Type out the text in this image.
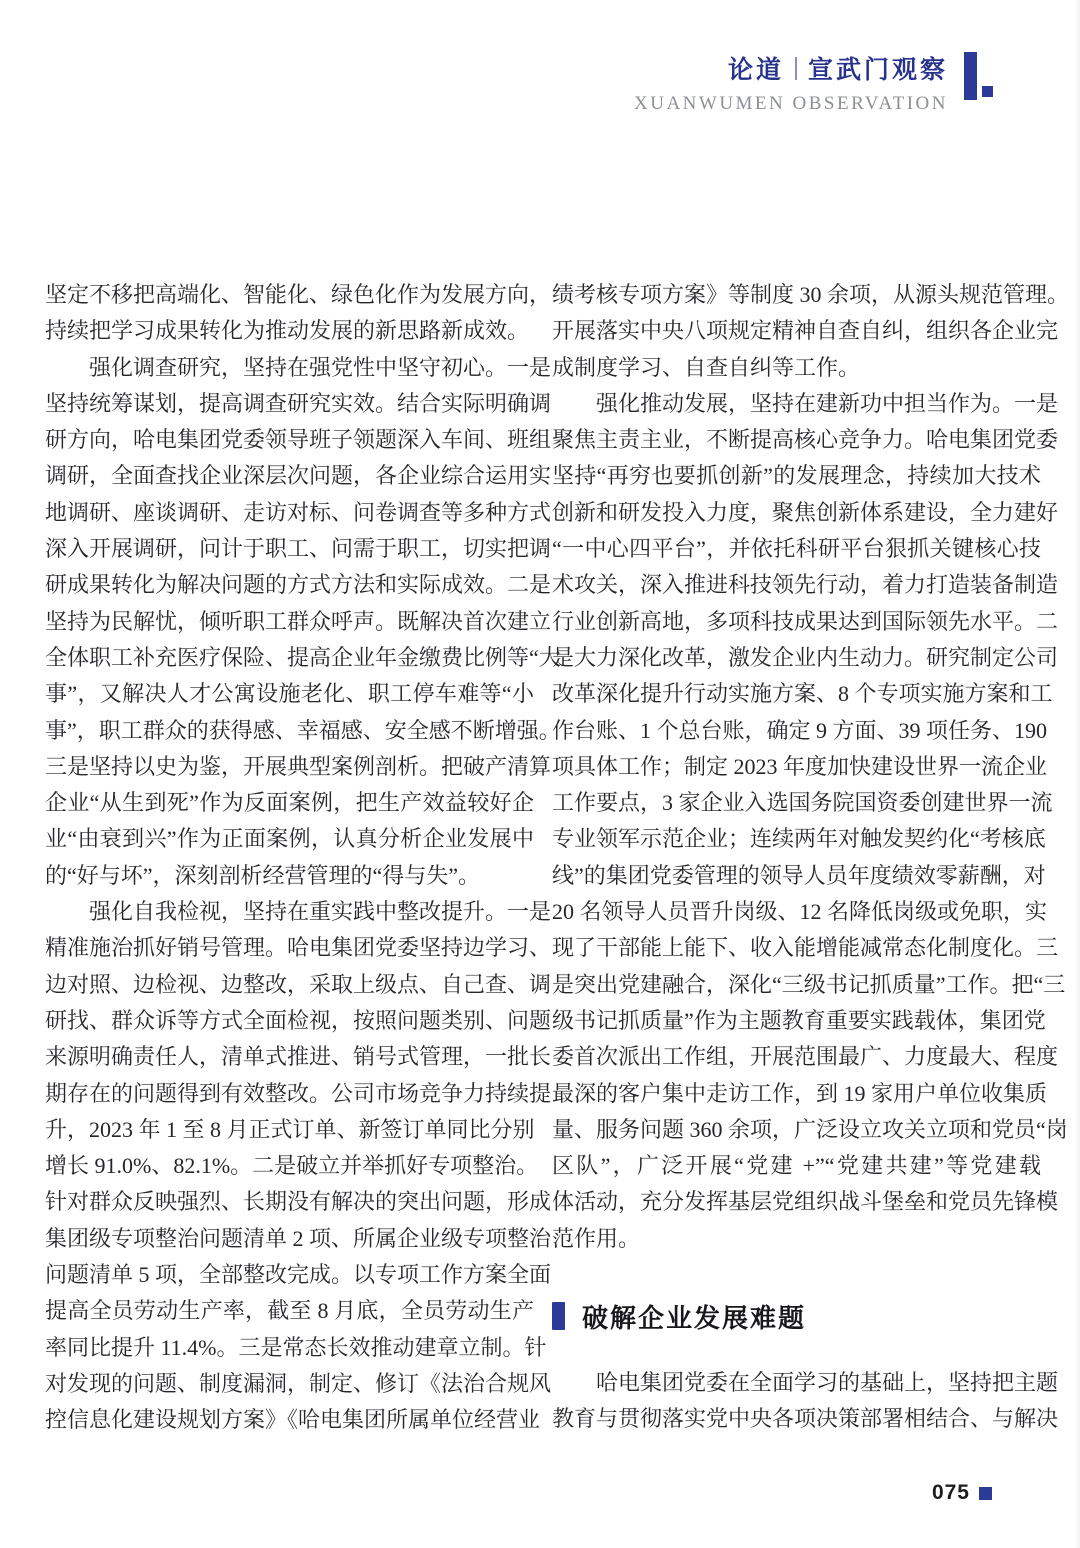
论道 宣武门观察
XUANWUMEN OBSERVATION
坚定不移把高端化、智能化、绿色化作为发展方向，
持续把学习成果转化为推动发展的新思路新成效。
强化调查研究，坚持在强党性中坚守初心。一是
坚持统筹谋划，提高调查研究实效。结合实际明确调
研方向，哈电集团党委领导班子领题深入车间、班组
调研，全面查找企业深层次问题，各企业综合运用实
地调研、座谈调研、走访对标、问卷调查等多种方式
深入开展调研，问计于职工、问需于职工，切实把调
研成果转化为解决问题的方式方法和实际成效。二是
坚持为民解忧，倾听职工群众呼声。既解决首次建立
全体职工补充医疗保险、提高企业年金缴费比例等“大
事”，又解决人才公寓设施老化、职工停车难等“小
事”，职工群众的获得感、幸福感、安全感不断增强。
三是坚持以史为鉴，开展典型案例剖析。把破产清算
企业“从生到死”作为反面案例，把生产效益较好企
业“由衰到兴”作为正面案例，认真分析企业发展中
的“好与坏”，深刻剖析经营管理的“得与失”。
强化自我检视，坚持在重实践中整改提升。一是
精准施治抓好销号管理。哈电集团党委坚持边学习、
边对照、边检视、边整改，采取上级点、自己查、调
研找、群众诉等方式全面检视，按照问题类别、问题
来源明确责任人，清单式推进、销号式管理，一批长
期存在的问题得到有效整改。公司市场竞争力持续提
升，2023 年 1 至 8 月正式订单、新签订单同比分别
增长 91.0%、82.1%。二是破立并举抓好专项整治。
针对群众反映强烈、长期没有解决的突出问题，形成
集团级专项整治问题清单 2 项、所属企业级专项整治
问题清单 5 项，全部整改完成。以专项工作方案全面
提高全员劳动生产率，截至 8 月底，全员劳动生产
率同比提升 11.4%。三是常态长效推动建章立制。针
对发现的问题、制度漏洞，制定、修订《法治合规风
控信息化建设规划方案》《哈电集团所属单位经营业
绩考核专项方案》等制度 30 余项，从源头规范管理。
开展落实中央八项规定精神自查自纠，组织各企业完
成制度学习、自查自纠等工作。
强化推动发展，坚持在建新功中担当作为。一是
聚焦主责主业，不断提高核心竞争力。哈电集团党委
坚持“再穷也要抓创新”的发展理念，持续加大技术
创新和研发投入力度，聚焦创新体系建设，全力建好
“一中心四平台”，并依托科研平台狠抓关键核心技
术攻关，深入推进科技领先行动，着力打造装备制造
行业创新高地，多项科技成果达到国际领先水平。二
是大力深化改革，激发企业内生动力。研究制定公司
改革深化提升行动实施方案、8 个专项实施方案和工
作台账、1 个总台账，确定 9 方面、39 项任务、190
项具体工作；制定 2023 年度加快建设世界一流企业
工作要点，3 家企业入选国务院国资委创建世界一流
专业领军示范企业；连续两年对触发契约化“考核底
线”的集团党委管理的领导人员年度绩效零薪酬，对
20 名领导人员晋升岗级、12 名降低岗级或免职，实
现了干部能上能下、收入能增能减常态化制度化。三
是突出党建融合，深化“三级书记抓质量”工作。把“三
级书记抓质量”作为主题教育重要实践载体，集团党
委首次派出工作组，开展范围最广、力度最大、程度
最深的客户集中走访工作，到 19 家用户单位收集质
量、服务问题 360 余项，广泛设立攻关立项和党员“岗
区队”，广泛开展“党建 +”“党建共建”等党建载
体活动，充分发挥基层党组织战斗堡垒和党员先锋模
范作用。
破解企业发展难题
哈电集团党委在全面学习的基础上，坚持把主题
教育与贯彻落实党中央各项决策部署相结合、与解决
075
